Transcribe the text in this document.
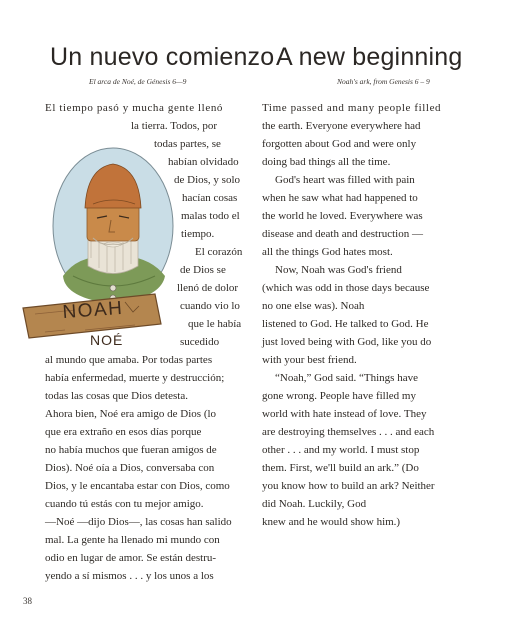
Un nuevo comienzo A new beginning
El arca de Noé, de Génesis 6—9	Noah's ark, from Genesis 6 – 9
NOAH
NOÉ
El tiempo pasó y mucha gente llenó
la tierra. Todos, por
todas partes, se
habían olvidado
de Dios, y solo
hacían cosas
malas todo el
tiempo.
El corazón
de Dios se
llenó de dolor
cuando vio lo
que le había
sucedido
al mundo que amaba. Por todas partes
había enfermedad, muerte y destrucción;
todas las cosas que Dios detesta.
Ahora bien, Noé era amigo de Dios (lo
que era extraño en esos días porque
no había muchos que fueran amigos de
Dios). Noé oía a Dios, conversaba con
Dios, y le encantaba estar con Dios, como
cuando tú estás con tu mejor amigo.
—Noé —dijo Dios—, las cosas han salido
mal. La gente ha llenado mi mundo con
odio en lugar de amor. Se están destru-
yendo a sí mismos . . . y los unos a los
Time passed and many people filled
the earth. Everyone everywhere had
forgotten about God and were only
doing bad things all the time.
God's heart was filled with pain
when he saw what had happened to
the world he loved. Everywhere was
disease and death and destruction —
all the things God hates most.
Now, Noah was God's friend
(which was odd in those days because
no one else was). Noah
listened to God. He talked to God. He
just loved being with God, like you do
with your best friend.
“Noah,” God said. “Things have
gone wrong. People have filled my
world with hate instead of love. They
are destroying themselves . . . and each
other . . . and my world. I must stop
them. First, we'll build an ark.” (Do
you know how to build an ark? Neither
did Noah. Luckily, God
knew and he would show him.)
38
